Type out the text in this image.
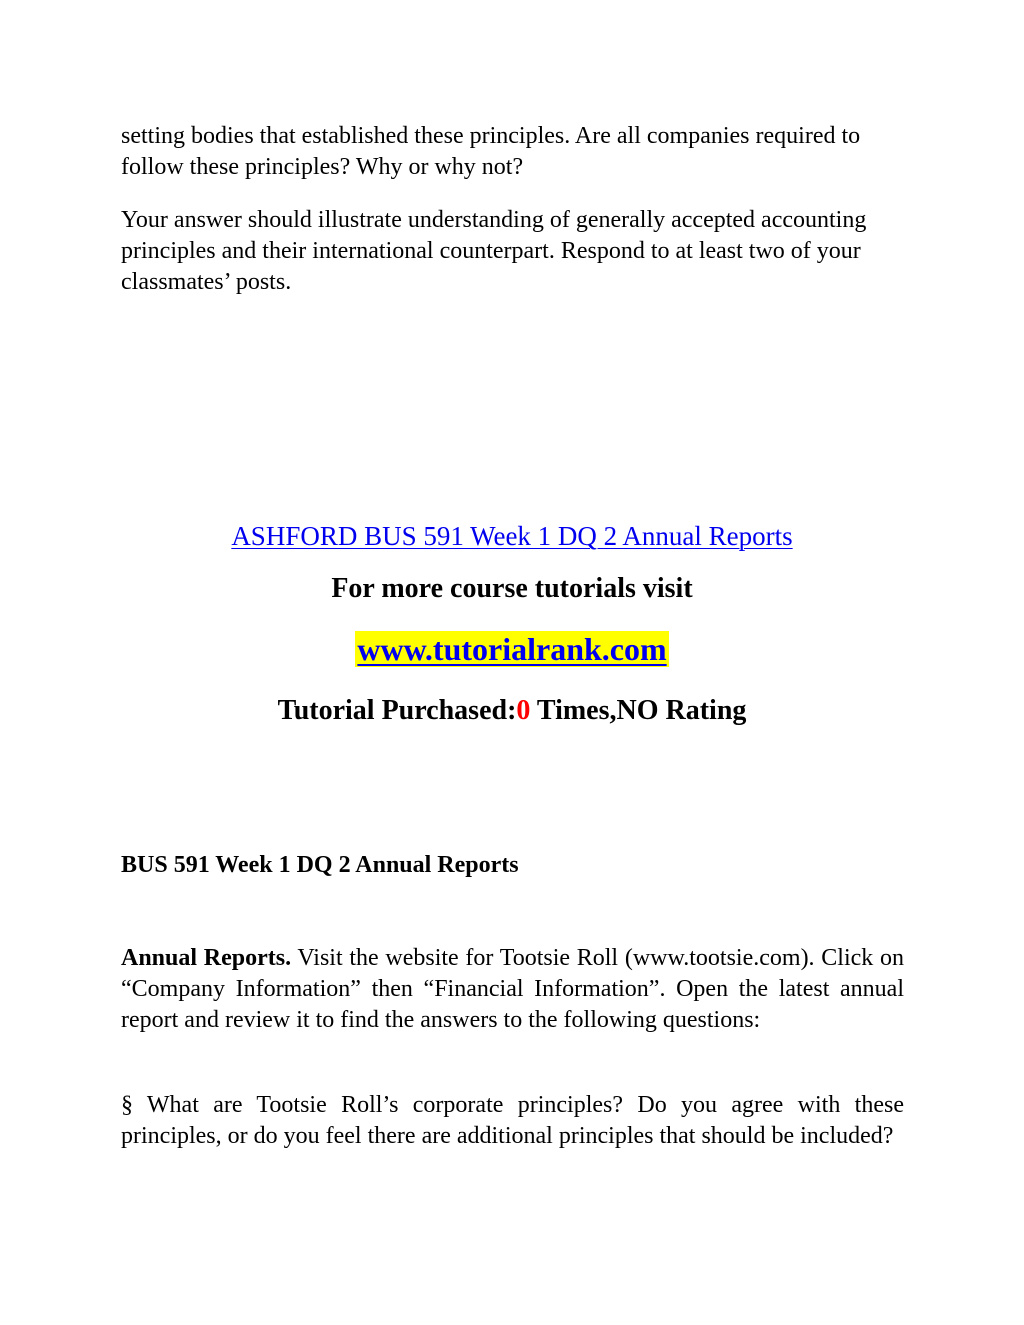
setting bodies that established these principles. Are all companies required to follow these principles? Why or why not?

Your answer should illustrate understanding of generally accepted accounting principles and their international counterpart. Respond to at least two of your classmates’ posts.

ASHFORD BUS 591 Week 1 DQ 2 Annual Reports

For more course tutorials visit

www.tutorialrank.com

Tutorial Purchased:0 Times,NO Rating

BUS 591 Week 1 DQ 2 Annual Reports

Annual Reports. Visit the website for Tootsie Roll (www.tootsie.com). Click on “Company Information” then “Financial Information”. Open the latest annual report and review it to find the answers to the following questions:

§ What are Tootsie Roll’s corporate principles? Do you agree with these principles, or do you feel there are additional principles that should be included?
